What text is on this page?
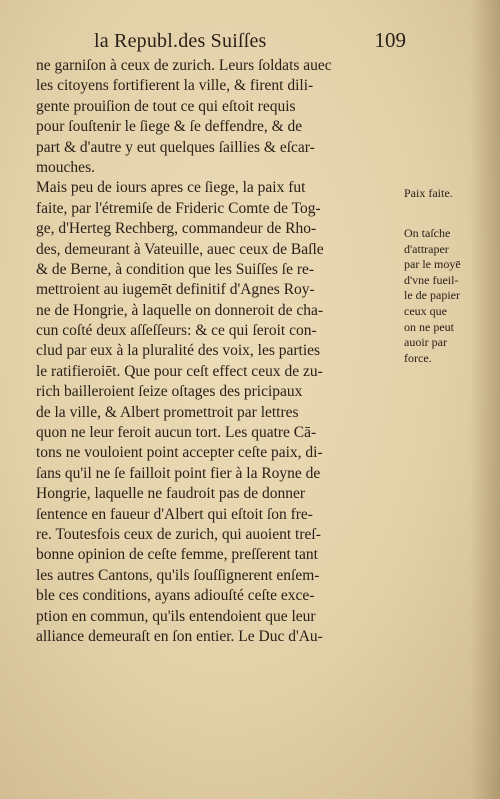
la Republ.des Suiſſes	109
ne garniſon à ceux de zurich. Leurs ſoldats auec
les citoyens fortifierent la ville, & firent dili-
gente prouiſion de tout ce qui eſtoit requis
pour ſouſtenir le ſiege & ſe deffendre, & de
part & d'autre y eut quelques ſaillies & eſcar-
mouches.
Mais peu de iours apres ce ſiege, la paix fut
faite, par l'étremiſe de Frideric Comte de Tog-
ge, d'Herteg Rechberg, commandeur de Rho-
des, demeurant à Vateuille, auec ceux de Baſle
& de Berne, à condition que les Suiſſes ſe re-
mettroient au iugemēt definitif d'Agnes Roy-
ne de Hongrie, à laquelle on donneroit de cha-
cun coſté deux aſſeſſeurs: & ce qui ſeroit con-
clud par eux à la pluralité des voix, les parties
le ratifieroiēt. Que pour ceſt effect ceux de zu-
rich bailleroient ſeize oſtages des pricipaux
de la ville, & Albert promettroit par lettres
quon ne leur feroit aucun tort. Les quatre Cā-
tons ne vouloient point accepter ceſte paix, di-
ſans qu'il ne ſe failloit point fier à la Royne de
Hongrie, laquelle ne faudroit pas de donner
ſentence en faueur d'Albert qui eſtoit ſon fre-
re. Toutesfois ceux de zurich, qui auoient treſ-
bonne opinion de ceſte femme, preſſerent tant
les autres Cantons, qu'ils ſouſſignerent enſem-
ble ces conditions, ayans adiouſté ceſte exce-
ption en commun, qu'ils entendoient que leur
alliance demeuraſt en ſon entier. Le Duc d'Au-
Paix faite.
On taſche
d'attraper
par le moyē
d'vne fueil-
le de papier
ceux que
on ne peut
auoir par
force.
